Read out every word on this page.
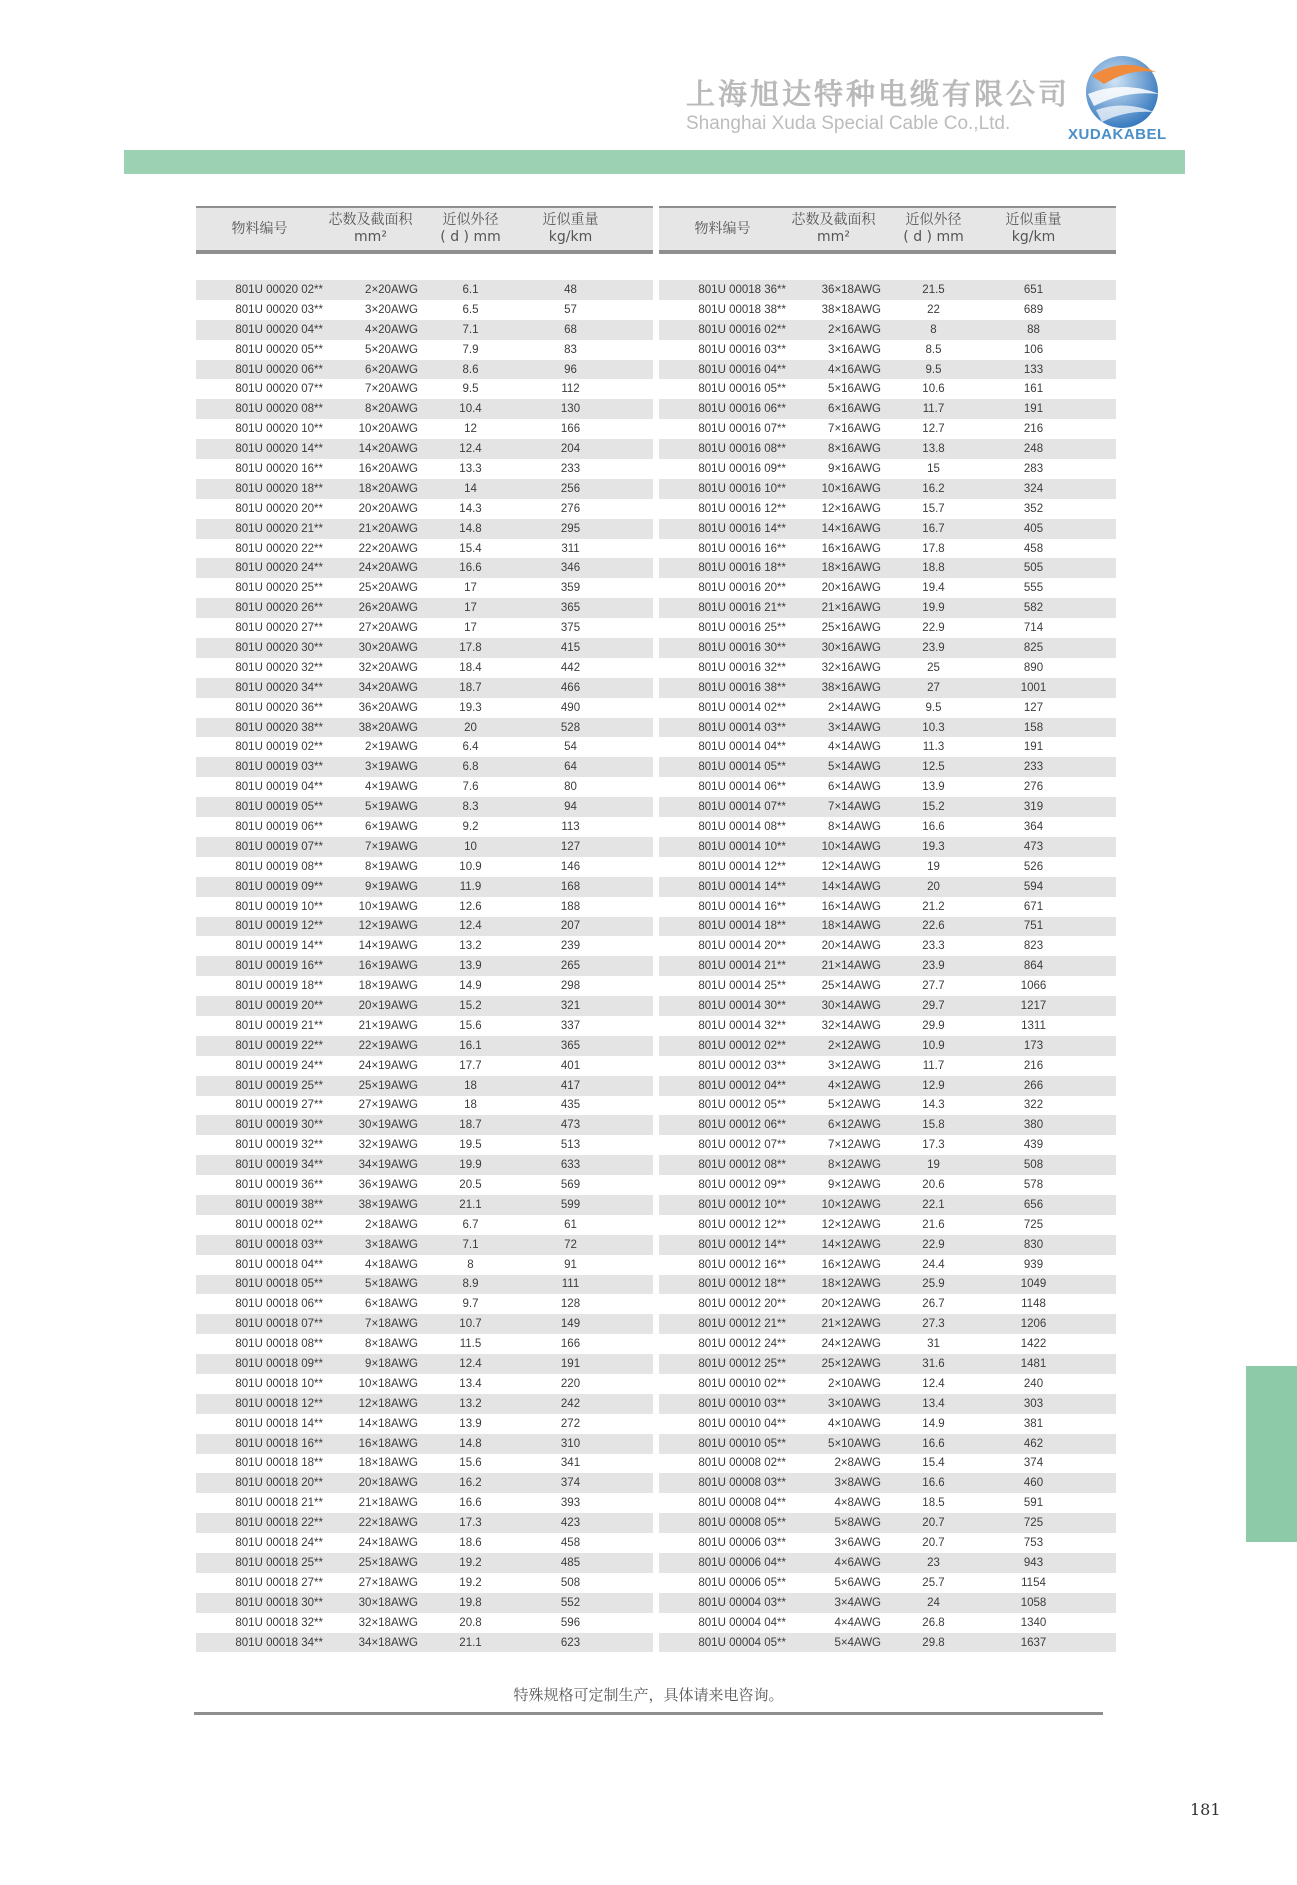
上海旭达特种电缆有限公司
Shanghai Xuda Special Cable Co.,Ltd.
XUDAKABEL
物料编号
芯数及截面积
mm²
近似外径
( d ) mm
近似重量
kg/km
801U 00020 02**	2×20AWG	6.1	48
801U 00020 03**	3×20AWG	6.5	57
801U 00020 04**	4×20AWG	7.1	68
801U 00020 05**	5×20AWG	7.9	83
801U 00020 06**	6×20AWG	8.6	96
801U 00020 07**	7×20AWG	9.5	112
801U 00020 08**	8×20AWG	10.4	130
801U 00020 10**	10×20AWG	12	166
801U 00020 14**	14×20AWG	12.4	204
801U 00020 16**	16×20AWG	13.3	233
801U 00020 18**	18×20AWG	14	256
801U 00020 20**	20×20AWG	14.3	276
801U 00020 21**	21×20AWG	14.8	295
801U 00020 22**	22×20AWG	15.4	311
801U 00020 24**	24×20AWG	16.6	346
801U 00020 25**	25×20AWG	17	359
801U 00020 26**	26×20AWG	17	365
801U 00020 27**	27×20AWG	17	375
801U 00020 30**	30×20AWG	17.8	415
801U 00020 32**	32×20AWG	18.4	442
801U 00020 34**	34×20AWG	18.7	466
801U 00020 36**	36×20AWG	19.3	490
801U 00020 38**	38×20AWG	20	528
801U 00019 02**	2×19AWG	6.4	54
801U 00019 03**	3×19AWG	6.8	64
801U 00019 04**	4×19AWG	7.6	80
801U 00019 05**	5×19AWG	8.3	94
801U 00019 06**	6×19AWG	9.2	113
801U 00019 07**	7×19AWG	10	127
801U 00019 08**	8×19AWG	10.9	146
801U 00019 09**	9×19AWG	11.9	168
801U 00019 10**	10×19AWG	12.6	188
801U 00019 12**	12×19AWG	12.4	207
801U 00019 14**	14×19AWG	13.2	239
801U 00019 16**	16×19AWG	13.9	265
801U 00019 18**	18×19AWG	14.9	298
801U 00019 20**	20×19AWG	15.2	321
801U 00019 21**	21×19AWG	15.6	337
801U 00019 22**	22×19AWG	16.1	365
801U 00019 24**	24×19AWG	17.7	401
801U 00019 25**	25×19AWG	18	417
801U 00019 27**	27×19AWG	18	435
801U 00019 30**	30×19AWG	18.7	473
801U 00019 32**	32×19AWG	19.5	513
801U 00019 34**	34×19AWG	19.9	633
801U 00019 36**	36×19AWG	20.5	569
801U 00019 38**	38×19AWG	21.1	599
801U 00018 02**	2×18AWG	6.7	61
801U 00018 03**	3×18AWG	7.1	72
801U 00018 04**	4×18AWG	8	91
801U 00018 05**	5×18AWG	8.9	111
801U 00018 06**	6×18AWG	9.7	128
801U 00018 07**	7×18AWG	10.7	149
801U 00018 08**	8×18AWG	11.5	166
801U 00018 09**	9×18AWG	12.4	191
801U 00018 10**	10×18AWG	13.4	220
801U 00018 12**	12×18AWG	13.2	242
801U 00018 14**	14×18AWG	13.9	272
801U 00018 16**	16×18AWG	14.8	310
801U 00018 18**	18×18AWG	15.6	341
801U 00018 20**	20×18AWG	16.2	374
801U 00018 21**	21×18AWG	16.6	393
801U 00018 22**	22×18AWG	17.3	423
801U 00018 24**	24×18AWG	18.6	458
801U 00018 25**	25×18AWG	19.2	485
801U 00018 27**	27×18AWG	19.2	508
801U 00018 30**	30×18AWG	19.8	552
801U 00018 32**	32×18AWG	20.8	596
801U 00018 34**	34×18AWG	21.1	623
物料编号
芯数及截面积
mm²
近似外径
( d ) mm
近似重量
kg/km
801U 00018 36**	36×18AWG	21.5	651
801U 00018 38**	38×18AWG	22	689
801U 00016 02**	2×16AWG	8	88
801U 00016 03**	3×16AWG	8.5	106
801U 00016 04**	4×16AWG	9.5	133
801U 00016 05**	5×16AWG	10.6	161
801U 00016 06**	6×16AWG	11.7	191
801U 00016 07**	7×16AWG	12.7	216
801U 00016 08**	8×16AWG	13.8	248
801U 00016 09**	9×16AWG	15	283
801U 00016 10**	10×16AWG	16.2	324
801U 00016 12**	12×16AWG	15.7	352
801U 00016 14**	14×16AWG	16.7	405
801U 00016 16**	16×16AWG	17.8	458
801U 00016 18**	18×16AWG	18.8	505
801U 00016 20**	20×16AWG	19.4	555
801U 00016 21**	21×16AWG	19.9	582
801U 00016 25**	25×16AWG	22.9	714
801U 00016 30**	30×16AWG	23.9	825
801U 00016 32**	32×16AWG	25	890
801U 00016 38**	38×16AWG	27	1001
801U 00014 02**	2×14AWG	9.5	127
801U 00014 03**	3×14AWG	10.3	158
801U 00014 04**	4×14AWG	11.3	191
801U 00014 05**	5×14AWG	12.5	233
801U 00014 06**	6×14AWG	13.9	276
801U 00014 07**	7×14AWG	15.2	319
801U 00014 08**	8×14AWG	16.6	364
801U 00014 10**	10×14AWG	19.3	473
801U 00014 12**	12×14AWG	19	526
801U 00014 14**	14×14AWG	20	594
801U 00014 16**	16×14AWG	21.2	671
801U 00014 18**	18×14AWG	22.6	751
801U 00014 20**	20×14AWG	23.3	823
801U 00014 21**	21×14AWG	23.9	864
801U 00014 25**	25×14AWG	27.7	1066
801U 00014 30**	30×14AWG	29.7	1217
801U 00014 32**	32×14AWG	29.9	1311
801U 00012 02**	2×12AWG	10.9	173
801U 00012 03**	3×12AWG	11.7	216
801U 00012 04**	4×12AWG	12.9	266
801U 00012 05**	5×12AWG	14.3	322
801U 00012 06**	6×12AWG	15.8	380
801U 00012 07**	7×12AWG	17.3	439
801U 00012 08**	8×12AWG	19	508
801U 00012 09**	9×12AWG	20.6	578
801U 00012 10**	10×12AWG	22.1	656
801U 00012 12**	12×12AWG	21.6	725
801U 00012 14**	14×12AWG	22.9	830
801U 00012 16**	16×12AWG	24.4	939
801U 00012 18**	18×12AWG	25.9	1049
801U 00012 20**	20×12AWG	26.7	1148
801U 00012 21**	21×12AWG	27.3	1206
801U 00012 24**	24×12AWG	31	1422
801U 00012 25**	25×12AWG	31.6	1481
801U 00010 02**	2×10AWG	12.4	240
801U 00010 03**	3×10AWG	13.4	303
801U 00010 04**	4×10AWG	14.9	381
801U 00010 05**	5×10AWG	16.6	462
801U 00008 02**	2×8AWG	15.4	374
801U 00008 03**	3×8AWG	16.6	460
801U 00008 04**	4×8AWG	18.5	591
801U 00008 05**	5×8AWG	20.7	725
801U 00006 03**	3×6AWG	20.7	753
801U 00006 04**	4×6AWG	23	943
801U 00006 05**	5×6AWG	25.7	1154
801U 00004 03**	3×4AWG	24	1058
801U 00004 04**	4×4AWG	26.8	1340
801U 00004 05**	5×4AWG	29.8	1637
特殊规格可定制生产，具体请来电咨询。
181
